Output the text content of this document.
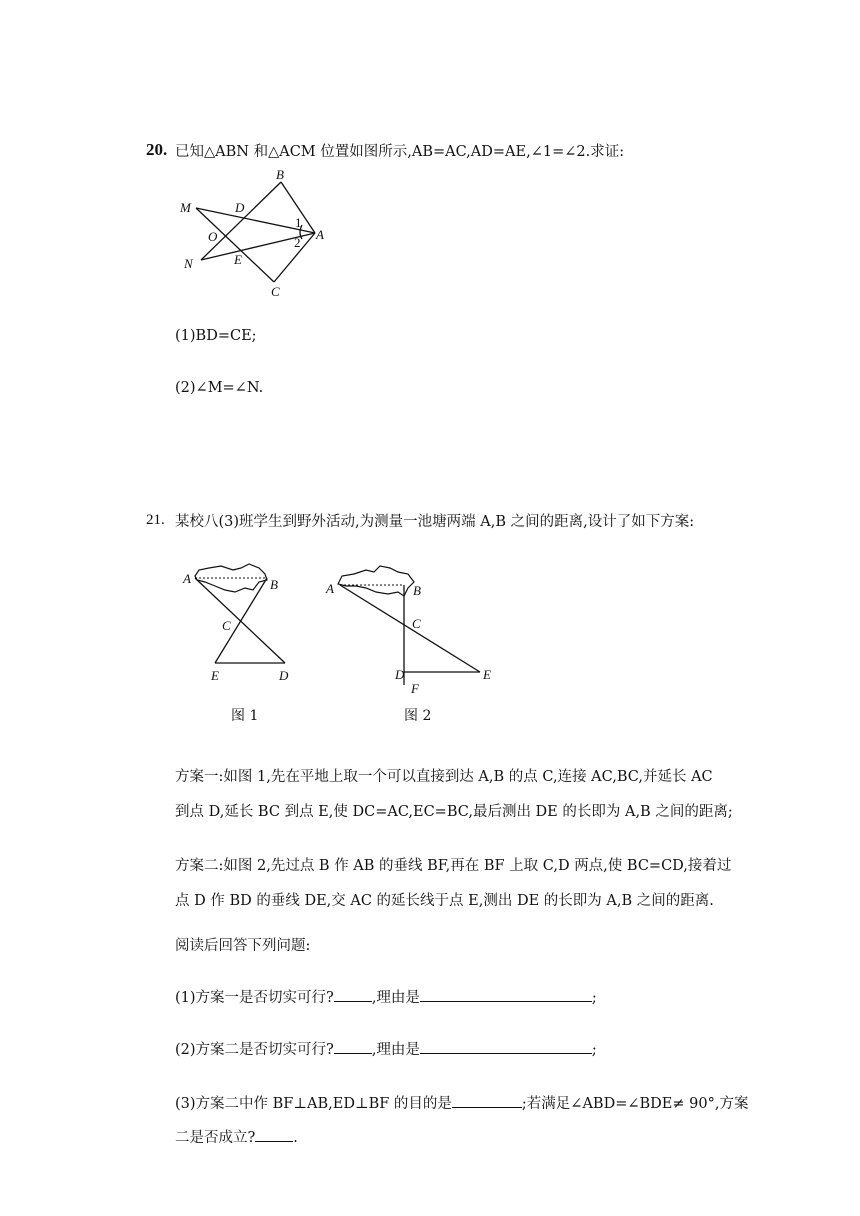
20. 已知△ABN 和△ACM 位置如图所示,AB=AC,AD=AE,∠1=∠2.求证:
B
M	D
1
A
O	2
N	E
C
(1)BD=CE;
(2)∠M=∠N.
21. 某校八(3)班学生到野外活动,为测量一池塘两端 A,B 之间的距离,设计了如下方案:
A	B
C
E	D
图 1
A	B
C
D	E
F
图 2
方案一:如图 1,先在平地上取一个可以直接到达 A,B 的点 C,连接 AC,BC,并延长 AC
到点 D,延长 BC 到点 E,使 DC=AC,EC=BC,最后测出 DE 的长即为 A,B 之间的距离;
方案二:如图 2,先过点 B 作 AB 的垂线 BF,再在 BF 上取 C,D 两点,使 BC=CD,接着过
点 D 作 BD 的垂线 DE,交 AC 的延长线于点 E,测出 DE 的长即为 A,B 之间的距离.
阅读后回答下列问题:
(1)方案一是否切实可行?	,理由是	;
(2)方案二是否切实可行?	,理由是	;
(3)方案二中作 BF⊥AB,ED⊥BF 的目的是	;若满足∠ABD=∠BDE≠ 90°,方案
二是否成立?	.
